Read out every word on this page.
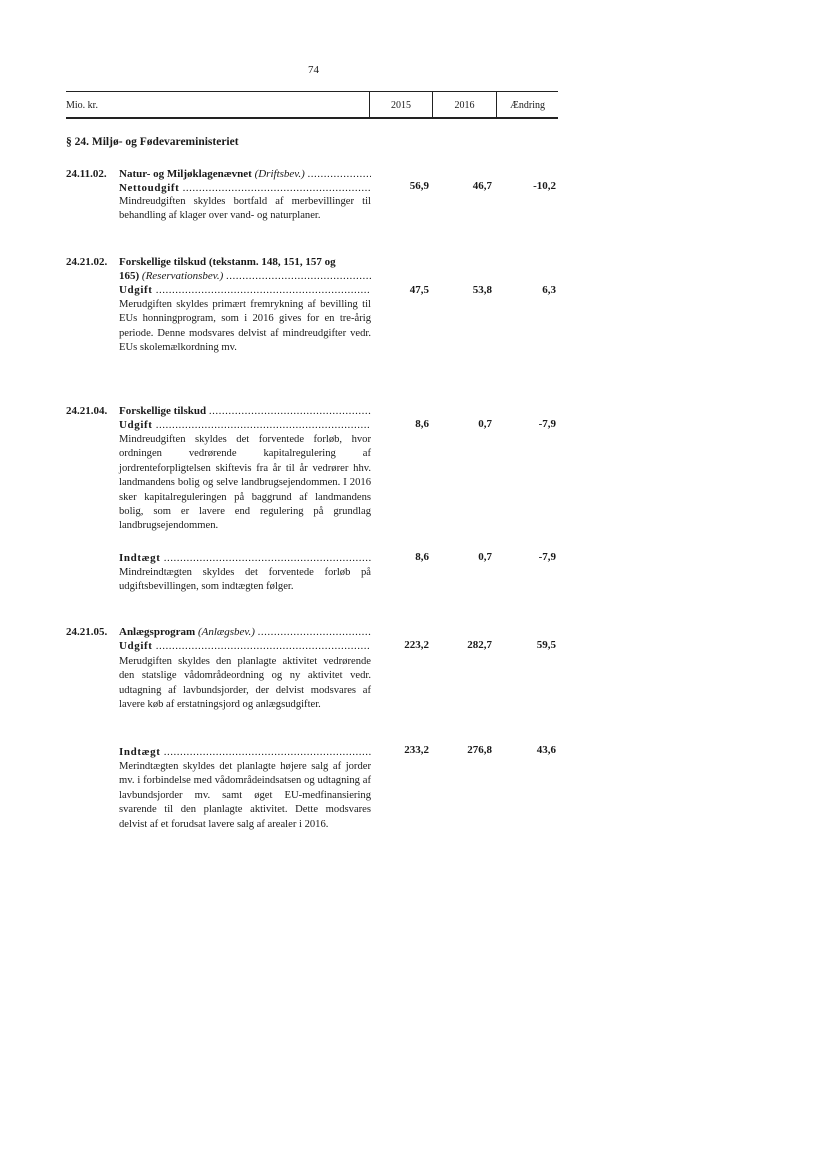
74
Mio. kr.	2015	2016	Ændring
§ 24. Miljø- og Fødevareministeriet
24.11.02. Natur- og Miljøklagenævnet (Driftsbev.) .....
Nettoudgift .....	56,9	46,7	-10,2
Mindreudgiften skyldes bortfald af merbevillinger til behandling af klager over vand- og naturplaner.
24.21.02. Forskellige tilskud (tekstanm. 148, 151, 157 og
165) (Reservationsbev.) .....
Udgift .....	47,5	53,8	6,3
Merudgiften skyldes primært fremrykning af bevilling til EUs honningprogram, som i 2016 gives for en tre-årig periode. Denne modsvares delvist af mindreudgifter vedr. EUs skolemælkordning mv.
24.21.04. Forskellige tilskud .....
Udgift .....	8,6	0,7	-7,9
Mindreudgiften skyldes det forventede forløb, hvor ordningen vedrørende kapitalregulering af jordrenteforpligtelsen skiftevis fra år til år vedrører hhv. landmandens bolig og selve landbrugsejendommen. I 2016 sker kapitalreguleringen på baggrund af landmandens bolig, som er lavere end regulering på grundlag landbrugsejendommen.
Indtægt .....	8,6	0,7	-7,9
Mindreindtægten skyldes det forventede forløb på udgiftsbevillingen, som indtægten følger.
24.21.05. Anlægsprogram (Anlægsbev.) .....
Udgift .....	223,2	282,7	59,5
Merudgiften skyldes den planlagte aktivitet vedrørende den statslige vådområdeordning og ny aktivitet vedr. udtagning af lavbundsjorder, der delvist modsvares af lavere køb af erstatningsjord og anlægsudgifter.
Indtægt .....	233,2	276,8	43,6
Merindtægten skyldes det planlagte højere salg af jorder mv. i forbindelse med vådområdeindsatsen og udtagning af lavbundsjorder mv. samt øget EU-medfinansiering svarende til den planlagte aktivitet. Dette modsvares delvist af et forudsat lavere salg af arealer i 2016.
